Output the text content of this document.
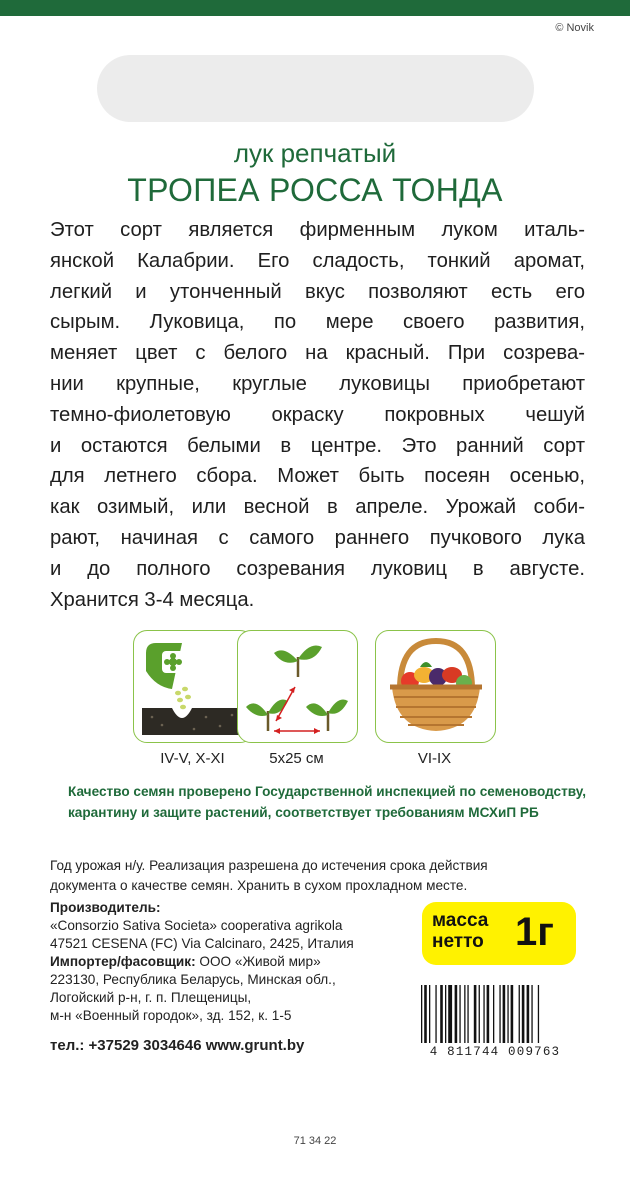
© Novik
лук репчатый
ТРОПЕА РОССА ТОНДА
Этот сорт является фирменным луком италь-
янской Калабрии. Его сладость, тонкий аромат,
легкий и утонченный вкус позволяют есть его
сырым. Луковица, по мере своего развития,
меняет цвет с белого на красный. При созрева-
нии крупные, круглые луковицы приобретают
темно-фиолетовую окраску покровных чешуй
и остаются белыми в центре. Это ранний сорт
для летнего сбора. Может быть посеян осенью,
как озимый, или весной в апреле. Урожай соби-
рают, начиная с самого раннего пучкового лука
и до полного созревания луковиц в августе.
Хранится 3-4 месяца.
IV-V, X-XI	5х25 см	VI-IX
Качество семян проверено Государственной инспекцией по семеноводству, карантину и защите растений, соответствует требованиям МСХиП РБ
Год урожая н/у. Реализация разрешена до истечения срока действия
документа о качестве семян. Хранить в сухом прохладном месте.
Производитель:
«Consorzio Sativa Societa» cooperativa agrikola
47521 CESENA (FC) Via Calcinaro, 2425, Италия
Импортер/фасовщик: ООО «Живой мир»
223130, Республика Беларусь, Минская обл.,
Логойский р-н, г. п. Плещеницы,
м-н «Военный городок», зд. 152, к. 1-5
тел.: +37529 3034646 www.grunt.by
масса
нетто 1г
4 811744 009763
71 34 22
